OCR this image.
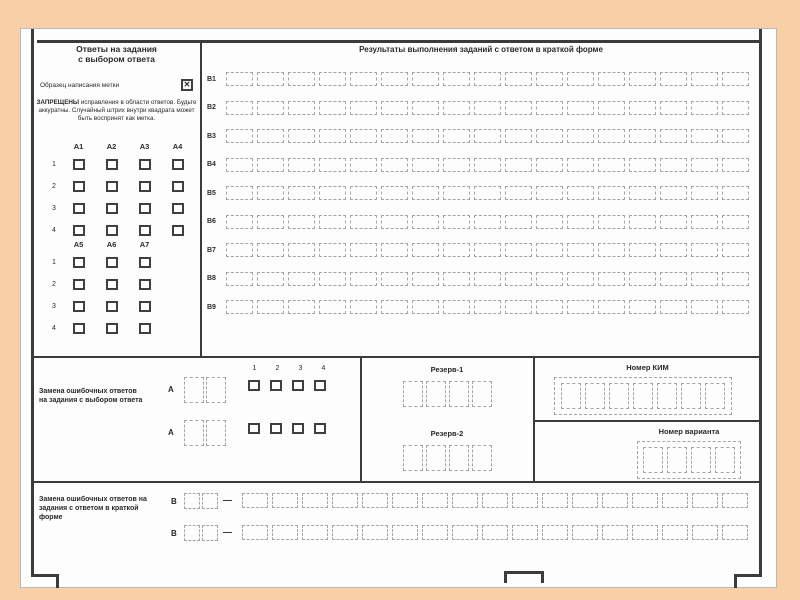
Ответы на задания
с выбором ответа
Образец написания метки	✕
ЗАПРЕЩЕНЫ исправления в области ответов. Будьте аккуратны. Случайный штрих внутри квадрата может быть воспринят как метка.
А1	А2	А3	А4
1
2
3
4
А5	А6	А7
1
2
3
4
Результаты выполнения заданий с ответом в краткой форме
В1
В2
В3
В4
В5
В6
В7
В8
В9
Замена ошибочных ответов на задания с выбором ответа
А
1	2	3	4
А
Резерв-1
Резерв-2
Номер КИМ
Номер варианта
Замена ошибочных ответов на задания с ответом в краткой форме
В	—
В	—
